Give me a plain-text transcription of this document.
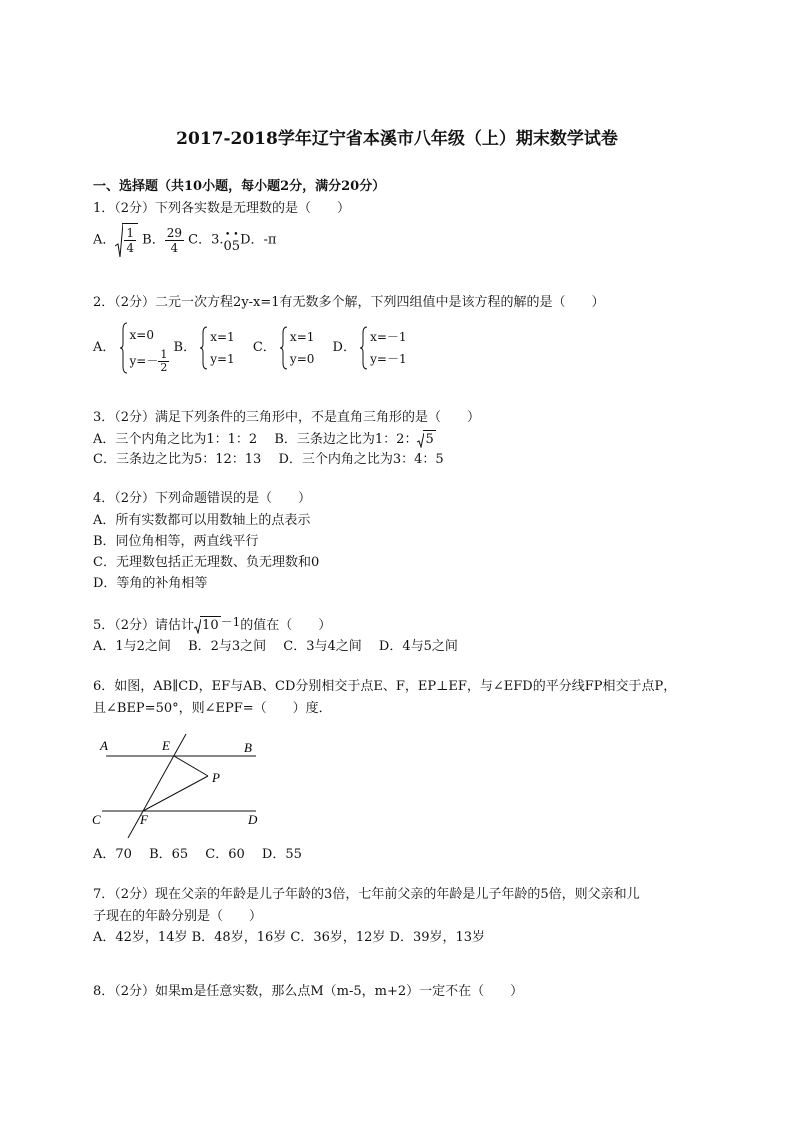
2017-2018学年辽宁省本溪市八年级（上）期末数学试卷
一、选择题（共10小题，每小题2分，满分20分）
1．（2分）下列各实数是无理数的是（　　）
A． $\frac{1}{4}$ B． $\frac{29}{4}$ C．3. • •
05 D．-π
2．（2分）二元一次方程2y-x=1有无数多个解，下列四组值中是该方程的解的是（　　）
A．
x=0
$y=- \frac{1}{2}$
B．
x=1
y=1
C．
x=1
y=0
D．
x=－1
y=－1
3．（2分）满足下列条件的三角形中，不是直角三角形的是（　　）
A．三个内角之比为1：1：2　 B．三条边之比为1：2： 5
C．三条边之比为5：12：13　 D．三个内角之比为3：4：5
4．（2分）下列命题错误的是（　　）
A．所有实数都可以用数轴上的点表示
B．同位角相等，两直线平行
C．无理数包括正无理数、负无理数和0
D．等角的补角相等
5．（2分）请估计 10 －1的值在（　　）
A．1与2之间　 B．2与3之间　 C．3与4之间　 D．4与5之间
6．如图，AB∥CD，EF与AB、CD分别相交于点E、F，EP⊥EF，与∠EFD的平分线FP相交于点P，
且∠BEP=50°，则∠EPF=（　　）度．
A	E	B
P
C	F	D
A．70　 B．65　 C．60　 D．55
7．（2分）现在父亲的年龄是儿子年龄的3倍，七年前父亲的年龄是儿子年龄的5倍，则父亲和儿
子现在的年龄分别是（　　）
A．42岁，14岁 B．48岁，16岁 C．36岁，12岁 D．39岁，13岁
8．（2分）如果m是任意实数，那么点M（m-5，m+2）一定不在（　　）
